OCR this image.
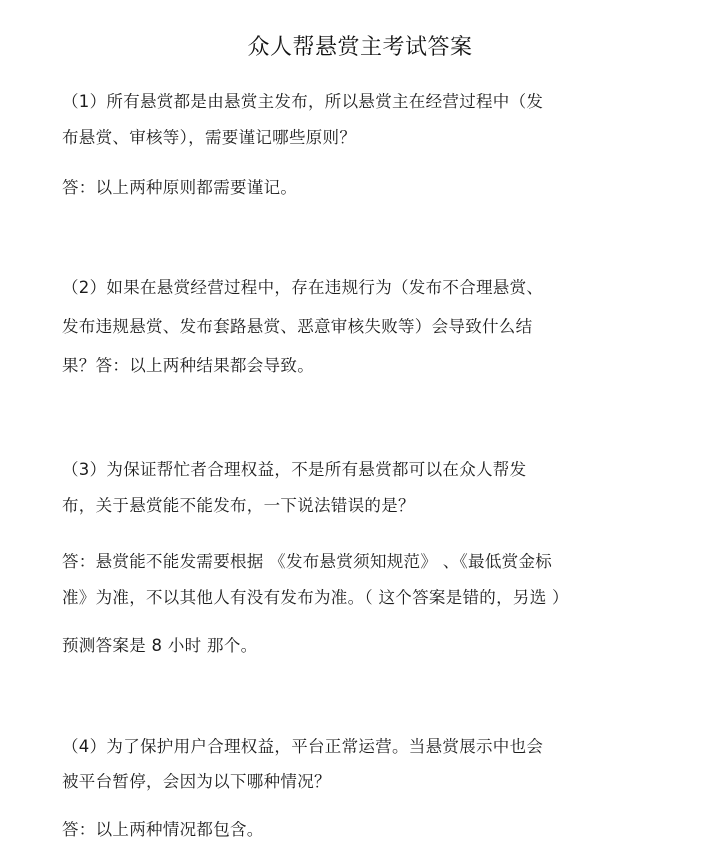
众人帮悬赏主考试答案
（1）所有悬赏都是由悬赏主发布，所以悬赏主在经营过程中（发
布悬赏、审核等），需要谨记哪些原则？
答：以上两种原则都需要谨记。
（2）如果在悬赏经营过程中，存在违规行为（发布不合理悬赏、
发布违规悬赏、发布套路悬赏、恶意审核失败等）会导致什么结
果？答：以上两种结果都会导致。
（3）为保证帮忙者合理权益，不是所有悬赏都可以在众人帮发
布，关于悬赏能不能发布，一下说法错误的是？
答：悬赏能不能发需要根据 《发布悬赏须知规范》 、《最低赏金标
准》为准，不以其他人有没有发布为准。（ 这个答案是错的，另选 ）
预测答案是 8 小时 那个。
（4）为了保护用户合理权益，平台正常运营。当悬赏展示中也会
被平台暂停，会因为以下哪种情况？
答：以上两种情况都包含。
